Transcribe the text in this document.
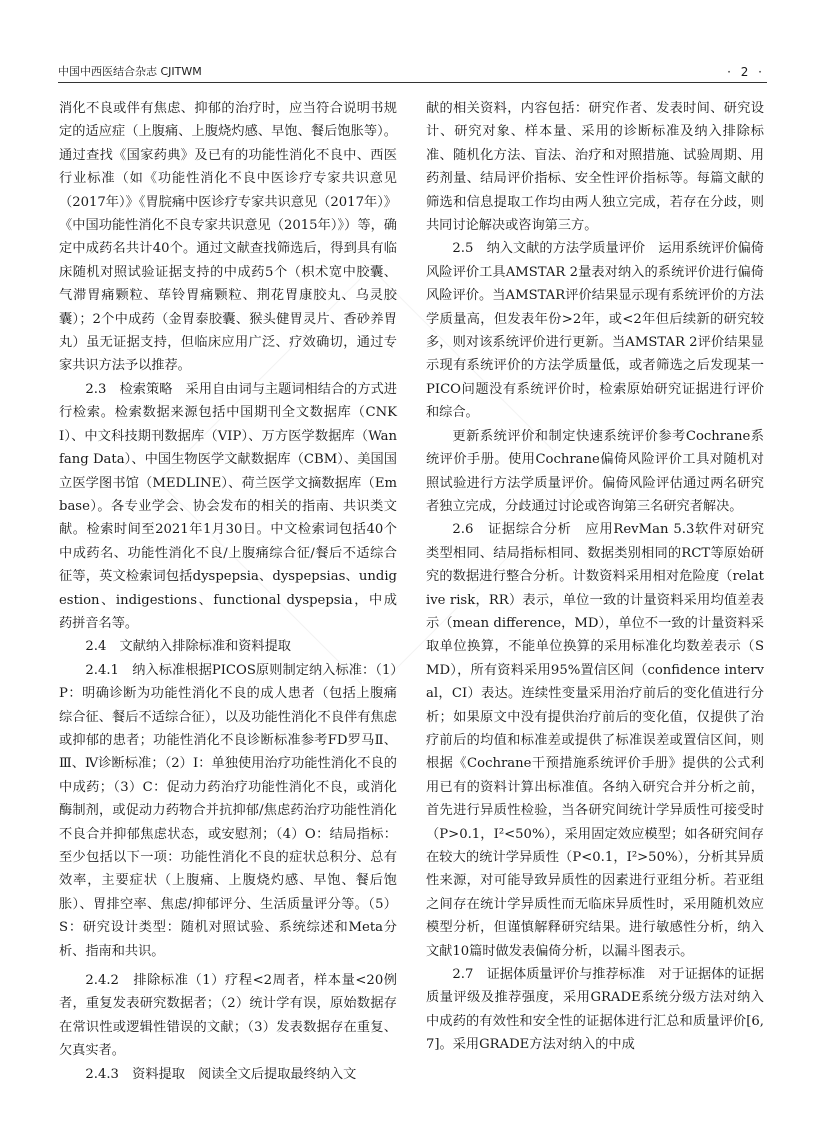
中国中西医结合杂志 CJITWM	· 2 ·

消化不良或伴有焦虑、抑郁的治疗时，应当符合说明书规定的适应症（上腹痛、上腹烧灼感、早饱、餐后饱胀等）。通过查找《国家药典》及已有的功能性消化不良中、西医行业标准（如《功能性消化不良中医诊疗专家共识意见（2017年）》《胃脘痛中医诊疗专家共识意见（2017年）》《中国功能性消化不良专家共识意见（2015年）》）等，确定中成药名共计40个。通过文献查找筛选后，得到具有临床随机对照试验证据支持的中成药5个（枳术宽中胶囊、气滞胃痛颗粒、荜铃胃痛颗粒、荆花胃康胶丸、乌灵胶囊）；2个中成药（金胃泰胶囊、猴头健胃灵片、香砂养胃丸）虽无证据支持，但临床应用广泛、疗效确切，通过专家共识方法予以推荐。

2.3　检索策略　采用自由词与主题词相结合的方式进行检索。检索数据来源包括中国期刊全文数据库（CNKI）、中文科技期刊数据库（VIP）、万方医学数据库（Wanfang Data）、中国生物医学文献数据库（CBM）、美国国立医学图书馆（MEDLINE）、荷兰医学文摘数据库（Embase）。各专业学会、协会发布的相关的指南、共识类文献。检索时间至2021年1月30日。中文检索词包括40个中成药名、功能性消化不良/上腹痛综合征/餐后不适综合征等，英文检索词包括dyspepsia、dyspepsias、undigestion、indigestions、functional dyspepsia，中成药拼音名等。

2.4　文献纳入排除标准和资料提取

2.4.1　纳入标准根据PICOS原则制定纳入标准：（1）P：明确诊断为功能性消化不良的成人患者（包括上腹痛综合征、餐后不适综合征），以及功能性消化不良伴有焦虑或抑郁的患者；功能性消化不良诊断标准参考FD罗马Ⅱ、Ⅲ、Ⅳ诊断标准；（2）I：单独使用治疗功能性消化不良的中成药；（3）C：促动力药治疗功能性消化不良，或消化酶制剂，或促动力药物合并抗抑郁/焦虑药治疗功能性消化不良合并抑郁焦虑状态，或安慰剂；（4）O：结局指标：至少包括以下一项：功能性消化不良的症状总积分、总有效率，主要症状（上腹痛、上腹烧灼感、早饱、餐后饱胀）、胃排空率、焦虑/抑郁评分、生活质量评分等。（5）S：研究设计类型：随机对照试验、系统综述和Meta分析、指南和共识。

2.4.2　排除标准（1）疗程<2周者，样本量<20例者，重复发表研究数据者；（2）统计学有误，原始数据存在常识性或逻辑性错误的文献；（3）发表数据存在重复、欠真实者。

2.4.3　资料提取　阅读全文后提取最终纳入文

献的相关资料，内容包括：研究作者、发表时间、研究设计、研究对象、样本量、采用的诊断标准及纳入排除标准、随机化方法、盲法、治疗和对照措施、试验周期、用药剂量、结局评价指标、安全性评价指标等。每篇文献的筛选和信息提取工作均由两人独立完成，若存在分歧，则共同讨论解决或咨询第三方。

2.5　纳入文献的方法学质量评价　运用系统评价偏倚风险评价工具AMSTAR 2量表对纳入的系统评价进行偏倚风险评价。当AMSTAR评价结果显示现有系统评价的方法学质量高，但发表年份>2年，或<2年但后续新的研究较多，则对该系统评价进行更新。当AMSTAR 2评价结果显示现有系统评价的方法学质量低，或者筛选之后发现某一PICO问题没有系统评价时，检索原始研究证据进行评价和综合。

更新系统评价和制定快速系统评价参考Cochrane系统评价手册。使用Cochrane偏倚风险评价工具对随机对照试验进行方法学质量评价。偏倚风险评估通过两名研究者独立完成，分歧通过讨论或咨询第三名研究者解决。

2.6　证据综合分析　应用RevMan 5.3软件对研究类型相同、结局指标相同、数据类别相同的RCT等原始研究的数据进行整合分析。计数资料采用相对危险度（relative risk，RR）表示，单位一致的计量资料采用均值差表示（mean difference，MD），单位不一致的计量资料采取单位换算，不能单位换算的采用标准化均数差表示（SMD），所有资料采用95%置信区间（confidence interval，CI）表达。连续性变量采用治疗前后的变化值进行分析；如果原文中没有提供治疗前后的变化值，仅提供了治疗前后的均值和标准差或提供了标准误差或置信区间，则根据《Cochrane干预措施系统评价手册》提供的公式利用已有的资料计算出标准值。各纳入研究合并分析之前，首先进行异质性检验，当各研究间统计学异质性可接受时（P>0.1，I²<50%），采用固定效应模型；如各研究间存在较大的统计学异质性（P<0.1，I²>50%），分析其异质性来源，对可能导致异质性的因素进行亚组分析。若亚组之间存在统计学异质性而无临床异质性时，采用随机效应模型分析，但谨慎解释研究结果。进行敏感性分析，纳入文献10篇时做发表偏倚分析，以漏斗图表示。

2.7　证据体质量评价与推荐标准　对于证据体的证据质量评级及推荐强度，采用GRADE系统分级方法对纳入中成药的有效性和安全性的证据体进行汇总和质量评价[6,7]。采用GRADE方法对纳入的中成
